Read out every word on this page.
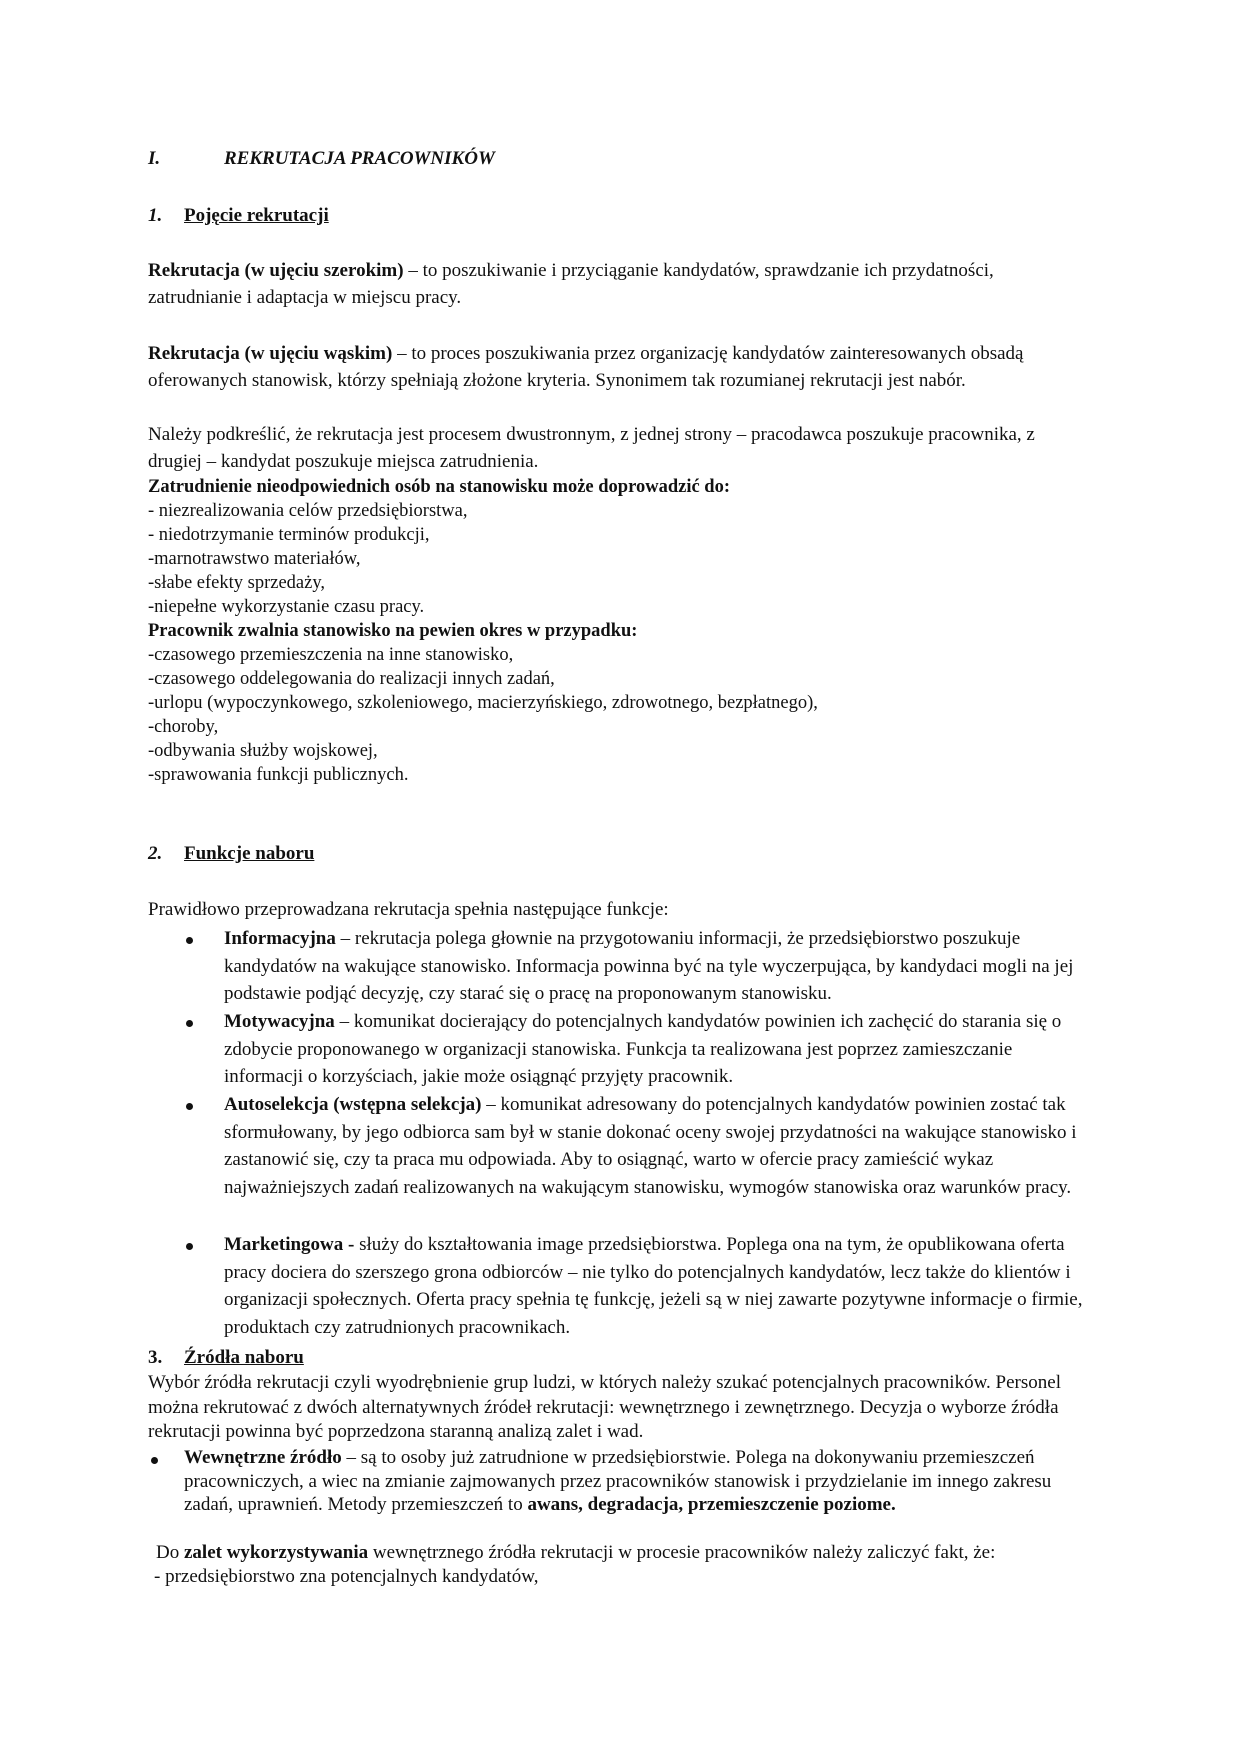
I.	REKRUTACJA PRACOWNIKÓW
1. Pojęcie rekrutacji
Rekrutacja (w ujęciu szerokim) – to poszukiwanie i przyciąganie kandydatów, sprawdzanie ich przydatności, zatrudnianie i adaptacja w miejscu pracy.
Rekrutacja (w ujęciu wąskim) – to proces poszukiwania przez organizację kandydatów zainteresowanych obsadą oferowanych stanowisk, którzy spełniają złożone kryteria. Synonimem tak rozumianej rekrutacji jest nabór.
Należy podkreślić, że rekrutacja jest procesem dwustronnym, z jednej strony – pracodawca poszukuje pracownika, z drugiej – kandydat poszukuje miejsca zatrudnienia.
Zatrudnienie nieodpowiednich osób na stanowisku może doprowadzić do:
- niezrealizowania celów przedsiębiorstwa,
- niedotrzymanie terminów produkcji,
-marnotrawstwo materiałów,
-słabe efekty sprzedaży,
-niepełne wykorzystanie czasu pracy.
Pracownik zwalnia stanowisko na pewien okres w przypadku:
-czasowego przemieszczenia na inne stanowisko,
-czasowego oddelegowania do realizacji innych zadań,
-urlopu (wypoczynkowego, szkoleniowego, macierzyńskiego, zdrowotnego, bezpłatnego),
-choroby,
-odbywania służby wojskowej,
-sprawowania funkcji publicznych.
2. Funkcje naboru
Prawidłowo przeprowadzana rekrutacja spełnia następujące funkcje:
Informacyjna – rekrutacja polega głownie na przygotowaniu informacji, że przedsiębiorstwo poszukuje kandydatów na wakujące stanowisko. Informacja powinna być na tyle wyczerpująca, by kandydaci mogli na jej podstawie podjąć decyzję, czy starać się o pracę na proponowanym stanowisku.
Motywacyjna – komunikat docierający do potencjalnych kandydatów powinien ich zachęcić do starania się o zdobycie proponowanego w organizacji stanowiska. Funkcja ta realizowana jest poprzez zamieszczanie informacji o korzyściach, jakie może osiągnąć przyjęty pracownik.
Autoselekcja (wstępna selekcja) – komunikat adresowany do potencjalnych kandydatów powinien zostać tak sformułowany, by jego odbiorca sam był w stanie dokonać oceny swojej przydatności na wakujące stanowisko i zastanowić się, czy ta praca mu odpowiada. Aby to osiągnąć, warto w ofercie pracy zamieścić wykaz najważniejszych zadań realizowanych na wakującym stanowisku, wymogów stanowiska oraz warunków pracy.
Marketingowa - służy do kształtowania image przedsiębiorstwa. Poplega ona na tym, że opublikowana oferta pracy dociera do szerszego grona odbiorców – nie tylko do potencjalnych kandydatów, lecz także do klientów i organizacji społecznych. Oferta pracy spełnia tę funkcję, jeżeli są w niej zawarte pozytywne informacje o firmie, produktach czy zatrudnionych pracownikach.
3. Źródła naboru
Wybór źródła rekrutacji czyli wyodrębnienie grup ludzi, w których należy szukać potencjalnych pracowników. Personel można rekrutować z dwóch alternatywnych źródeł rekrutacji: wewnętrznego i zewnętrznego. Decyzja o wyborze źródła rekrutacji powinna być poprzedzona staranną analizą zalet i wad.
Wewnętrzne źródło – są to osoby już zatrudnione w przedsiębiorstwie. Polega na dokonywaniu przemieszczeń pracowniczych, a wiec na zmianie zajmowanych przez pracowników stanowisk i przydzielanie im innego zakresu zadań, uprawnień. Metody przemieszczeń to awans, degradacja, przemieszczenie poziome.
Do zalet wykorzystywania wewnętrznego źródła rekrutacji w procesie pracowników należy zaliczyć fakt, że:
- przedsiębiorstwo zna potencjalnych kandydatów,
